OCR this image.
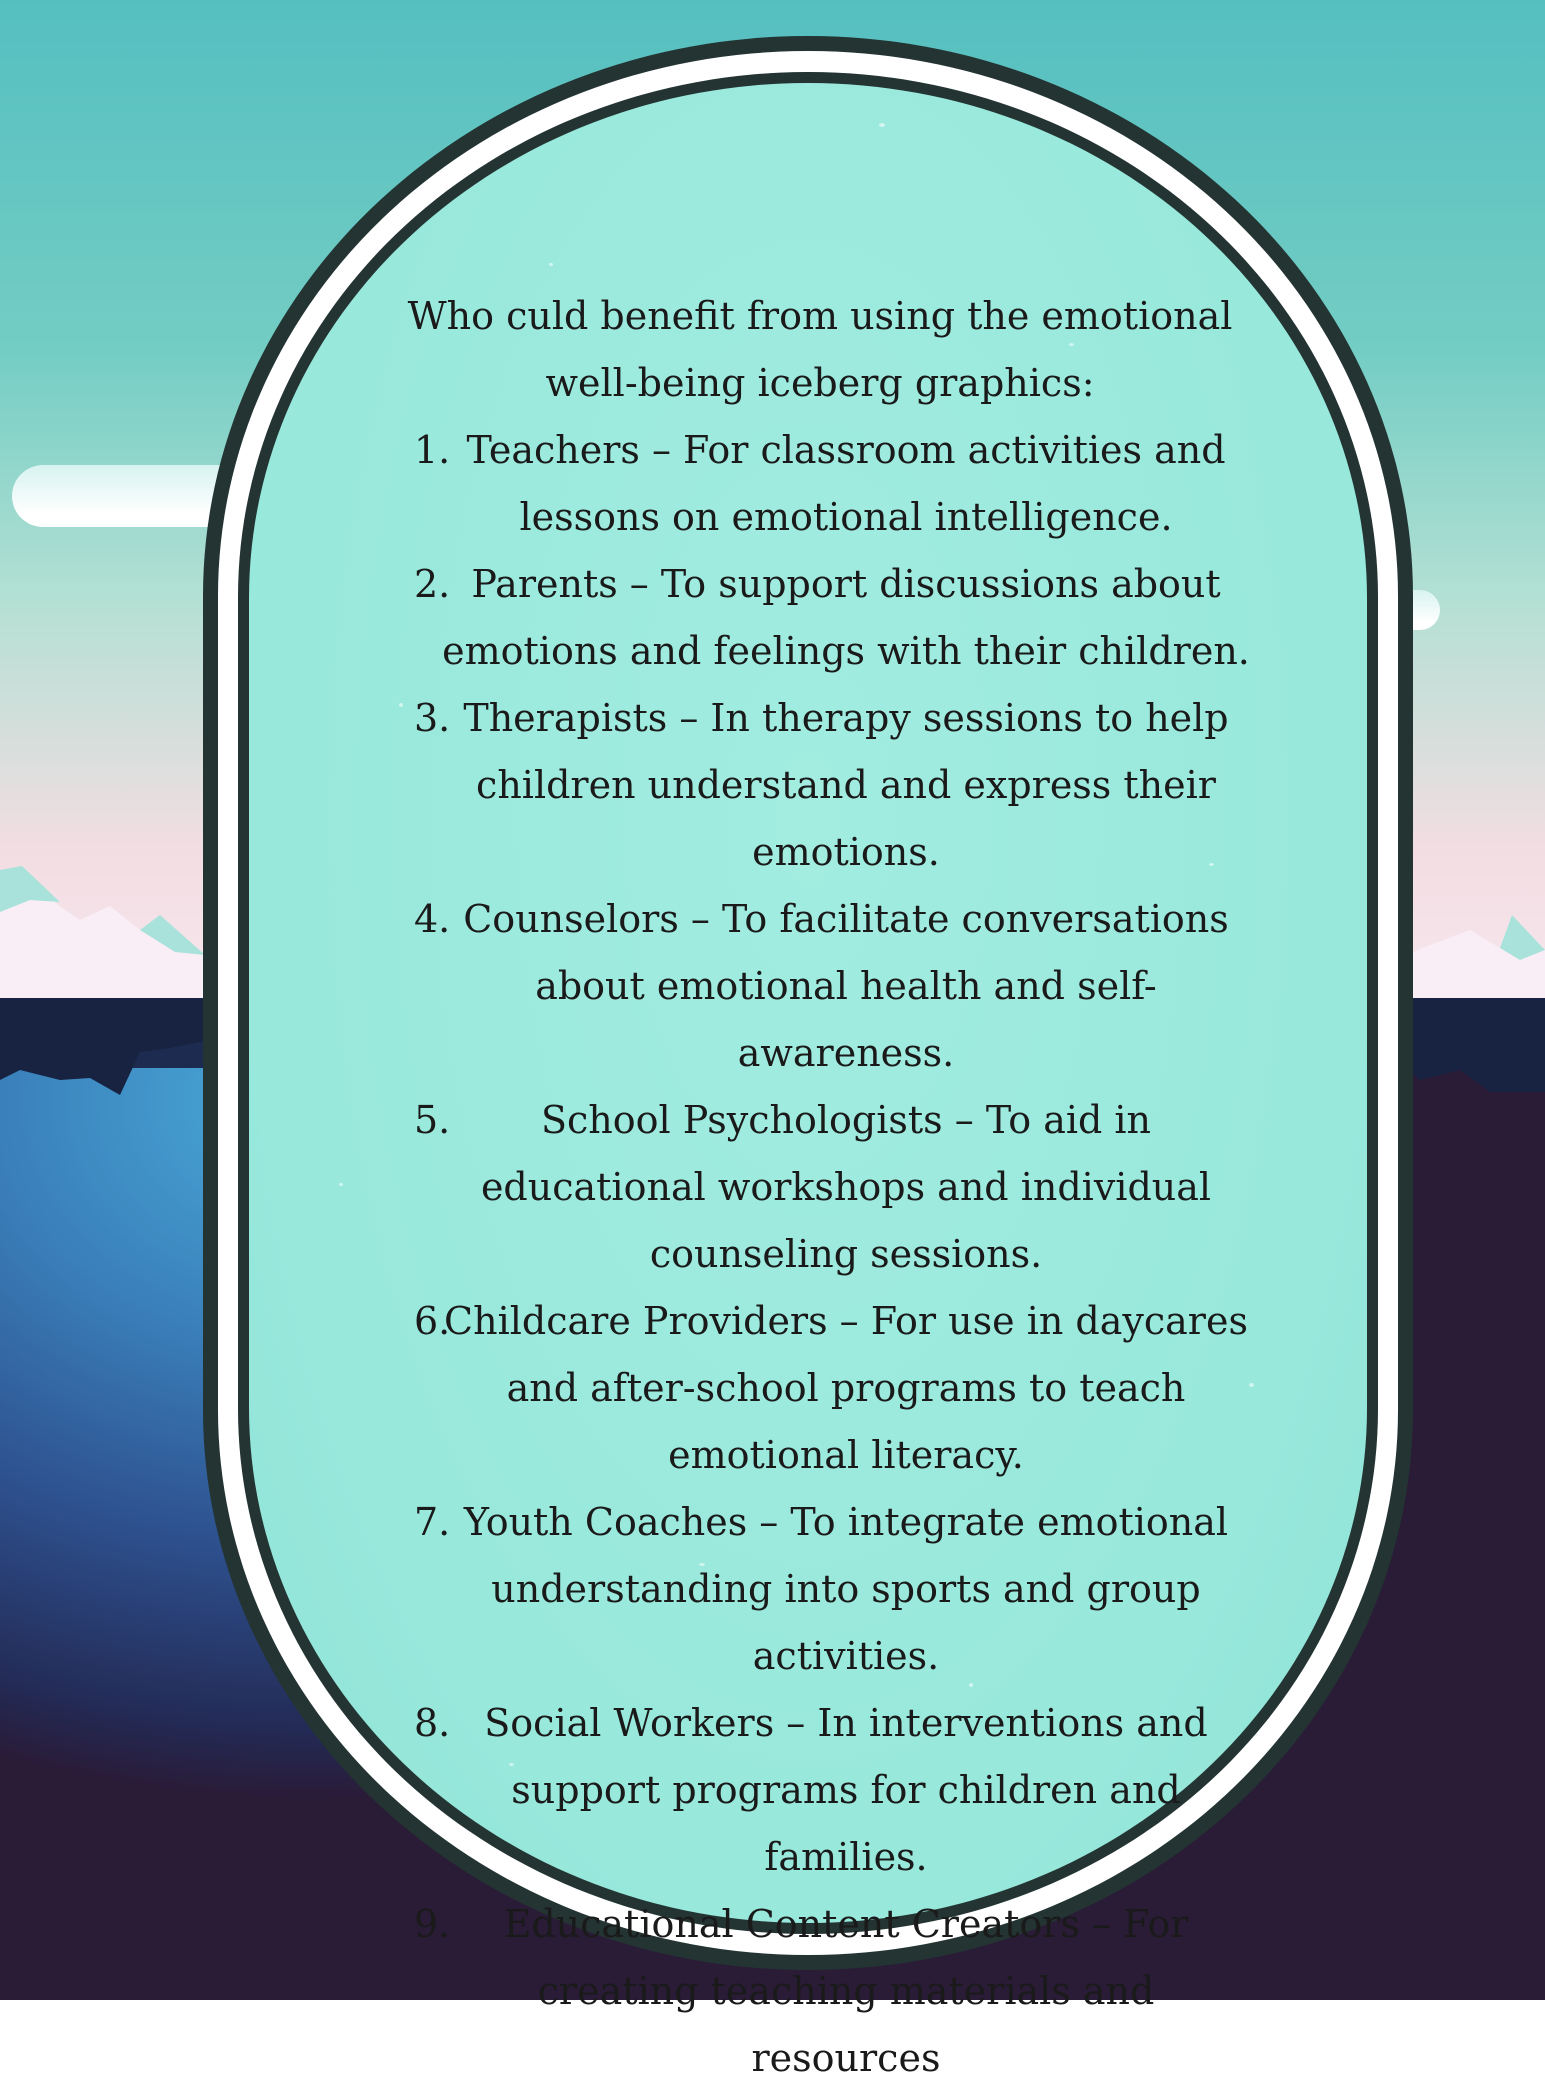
Who culd benefit from using the emotional well-being iceberg graphics:

1. Teachers – For classroom activities and lessons on emotional intelligence.
2. Parents – To support discussions about emotions and feelings with their children.
3. Therapists – In therapy sessions to help children understand and express their emotions.
4. Counselors – To facilitate conversations about emotional health and self-awareness.
5. School Psychologists – To aid in educational workshops and individual counseling sessions.
6.
Childcare Providers – For use in daycares and after-school programs to teach emotional literacy.
7. Youth Coaches – To integrate emotional understanding into sports and group activities.
8. Social Workers – In interventions and support programs for children and families.
9. Educational Content Creators – For creating teaching materials and resources
